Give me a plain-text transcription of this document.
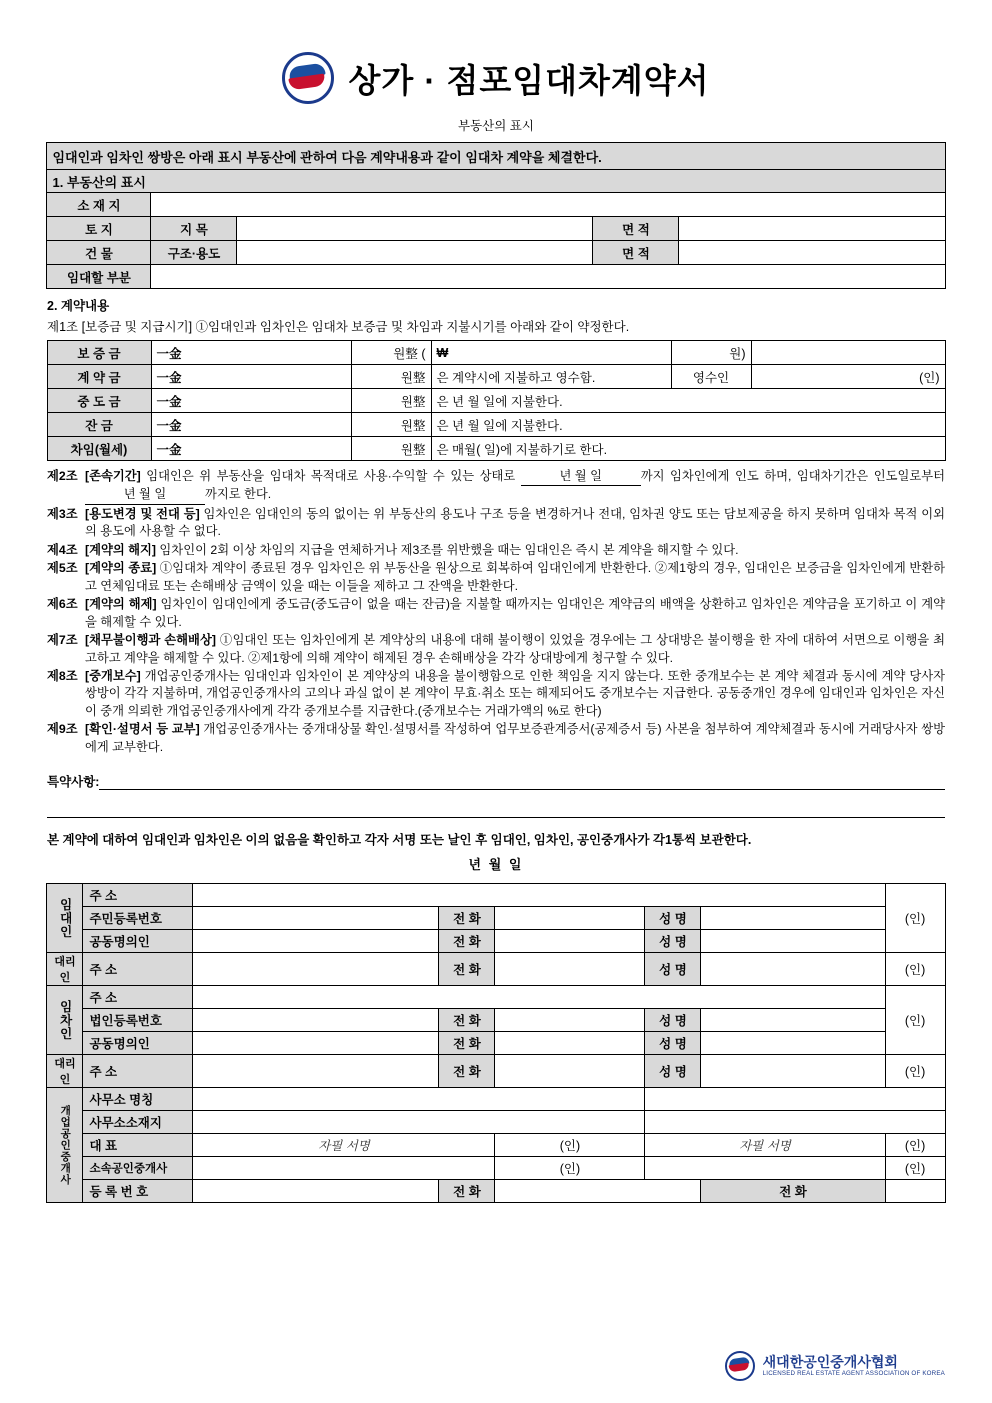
상가 · 점포임대차계약서
부동산의 표시
임대인과 임차인 쌍방은 아래 표시 부동산에 관하여 다음 계약내용과 같이 임대차 계약을 체결한다.				
1. 부동산의 표시				
소 재 지				
토 지	지 목		면 적	
건 물	구조·용도		면 적	
임대할 부분				
2. 계약내용
제1조 [보증금 및 지급시기] ①임대인과 임차인은 임대차 보증금 및 차임과 지불시기를 아래와 같이 약정한다.
보 증 금	一金	원整 (	₩	원)	
계 약 금	一金	원整	은 계약시에 지불하고 영수함.	영수인	(인)
중 도 금	一金	원整	은 년 월 일에 지불한다.		
잔 금	一金	원整	은 년 월 일에 지불한다.		
차임(월세)	一金	원整	은 매월( 일)에 지불하기로 한다.		
제2조 [존속기간] 임대인은 위 부동산을 임대차 목적대로 사용·수익할 수 있는 상태로	년 월 일	까지 임차인에게 인도 하며, 임대차기간은 인도일로부터 년 월 일	까지로 한다.
제3조 [용도변경 및 전대 등] 임차인은 임대인의 동의 없이는 위 부동산의 용도나 구조 등을 변경하거나 전대, 임차권 양도 또는 담보제공을 하지 못하며 임대차 목적 이외의 용도에 사용할 수 없다.
제4조 [계약의 해지] 임차인이 2회 이상 차임의 지급을 연체하거나 제3조를 위반했을 때는 임대인은 즉시 본 계약을 해지할 수 있다.
제5조 [계약의 종료] ①임대차 계약이 종료된 경우 임차인은 위 부동산을 원상으로 회복하여 임대인에게 반환한다. ②제1항의 경우, 임대인은 보증금을 임차인에게 반환하고 연체임대료 또는 손해배상 금액이 있을 때는 이들을 제하고 그 잔액을 반환한다.
제6조 [계약의 해제] 임차인이 임대인에게 중도금(중도금이 없을 때는 잔금)을 지불할 때까지는 임대인은 계약금의 배액을 상환하고 임차인은 계약금을 포기하고 이 계약을 해제할 수 있다.
제7조 [채무불이행과 손해배상] ①임대인 또는 임차인에게 본 계약상의 내용에 대해 불이행이 있었을 경우에는 그 상대방은 불이행을 한 자에 대하여 서면으로 이행을 최고하고 계약을 해제할 수 있다. ②제1항에 의해 계약이 해제된 경우 손해배상을 각각 상대방에게 청구할 수 있다.
제8조 [중개보수] 개업공인중개사는 임대인과 임차인이 본 계약상의 내용을 불이행함으로 인한 책임을 지지 않는다. 또한 중개보수는 본 계약 체결과 동시에 계약 당사자 쌍방이 각각 지불하며, 개업공인중개사의 고의나 과실 없이 본 계약이 무효·취소 또는 해제되어도 중개보수는 지급한다. 공동중개인 경우에 임대인과 임차인은 자신이 중개 의뢰한 개업공인중개사에게 각각 중개보수를 지급한다.(중개보수는 거래가액의 %로 한다)
제9조 [확인·설명서 등 교부] 개업공인중개사는 중개대상물 확인·설명서를 작성하여 업무보증관계증서(공제증서 등) 사본을 첨부하여 계약체결과 동시에 거래당사자 쌍방에게 교부한다.
특약사항:
본 계약에 대하여 임대인과 임차인은 이의 없음을 확인하고 각자 서명 또는 날인 후 임대인, 임차인, 공인중개사가 각1통씩 보관한다.
년 월 일
임대인	주 소						(인)
	주민등록번호		전 화		성 명		
	공동명의인		전 화		성 명		
대리인	주 소		전 화		성 명		(인)

임차인	주 소						(인)
	법인등록번호		전 화		성 명		
	공동명의인		전 화		성 명		
대리인	주 소		전 화		성 명		(인)

개업공인중개사	사무소 명칭						
	사무소소재지						
	대 표	자필 서명		(인)	자필 서명		(인)
	소속공인중개사			(인)			(인)
	등 록 번 호		전 화			전 화	
새대한공인중개사협회
LICENSED REAL ESTATE AGENT ASSOCIATION OF KOREA
